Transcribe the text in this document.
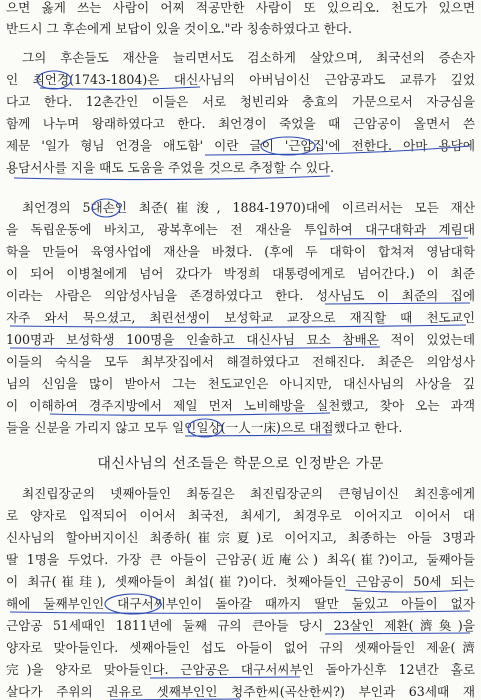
으면 옳게 쓰는 사람이 어찌 적공만한 사람이 또 있으리오. 천도가 있으면
반드시 그 후손에게 보답이 있을 것이오."라 칭송하였다고 한다.
그의 후손들도 재산을 늘리면서도 검소하게 살았으며, 최국선의 증손자
인 최언경(1743-1804)은 대신사님의 아버님이신 근암공과도 교류가 깊었
다고 한다. 12촌간인 이들은 서로 청빈리와 충효의 가문으로서 자긍심을
함께 나누며 왕래하였다고 한다. 최언경이 죽었을 때 근암공이 올면서 쓴
제문 '일가 형님 언경을 애도함' 이란 글이 '근암집'에 전한다. 아마 용담에
용담서사를 지을 때도 도움을 주었을 것으로 추정할 수 있다.
최언경의 5대손인 최준(崔浚, 1884-1970)대에 이르러서는 모든 재산
을 독립운동에 바치고, 광복후에는 전 재산을 투입하여 대구대학과 계림대
학을 만들어 육영사업에 재산을 바쳤다. (후에 두 대학이 합쳐져 영남대학
이 되어 이병철에게 넘어 갔다가 박정희 대통령에게로 넘어간다.) 이 최준
이라는 사람은 의암성사님을 존경하였다고 한다. 성사님도 이 최준의 집에
자주 와서 묵으셨고, 최린선생이 보성학교 교장으로 재직할 때 천도교인
100명과 보성학생 100명을 인솔하고 대신사님 묘소 참배온 적이 있었는데
이들의 숙식을 모두 최부잣집에서 해결하였다고 전해진다. 최준은 의암성사
님의 신임을 많이 받아서 그는 천도교인은 아니지만, 대신사님의 사상을 깊
이 이해하여 경주지방에서 제일 먼저 노비해방을 실천했고, 찾아 오는 과객
들을 신분을 가리지 않고 모두 일인일상(一人一床)으로 대접했다고 한다.
대신사님의 선조들은 학문으로 인정받은 가문
최진립장군의 넷째아들인 최동길은 최진립장군의 큰형님이신 최진흥에게
로 양자로 입적되어 이어서 최국전, 최세기, 최경우로 이어지고 이어서 대
신사님의 할아버지이신 최종하(崔宗夏)로 이어지고, 최종하는 아들 3명과
딸 1명을 두었다. 가장 큰 아들이 근암공(近庵公) 최옥(崔?)이고, 둘째아들
이 최규(崔珪), 셋째아들이 최섭(崔?)이다. 첫째아들인 근암공이 50세 되는
해에 둘째부인인 대구서씨부인이 돌아갈 때까지 딸만 둘있고 아들이 없자
근암공 51세때인 1811년에 둘째 규의 큰아들 당시 23살인 제환(濟奐)을
양자로 맞아들인다. 셋째아들인 섭도 아들이 없어 규의 셋째아들인 제윤(濟
完)을 양자로 맞아들인다. 근암공은 대구서씨부인 돌아가신후 12년간 홀로
살다가 주위의 권유로 셋째부인인 청주한씨(곡산한씨?) 부인과 63세때 재
